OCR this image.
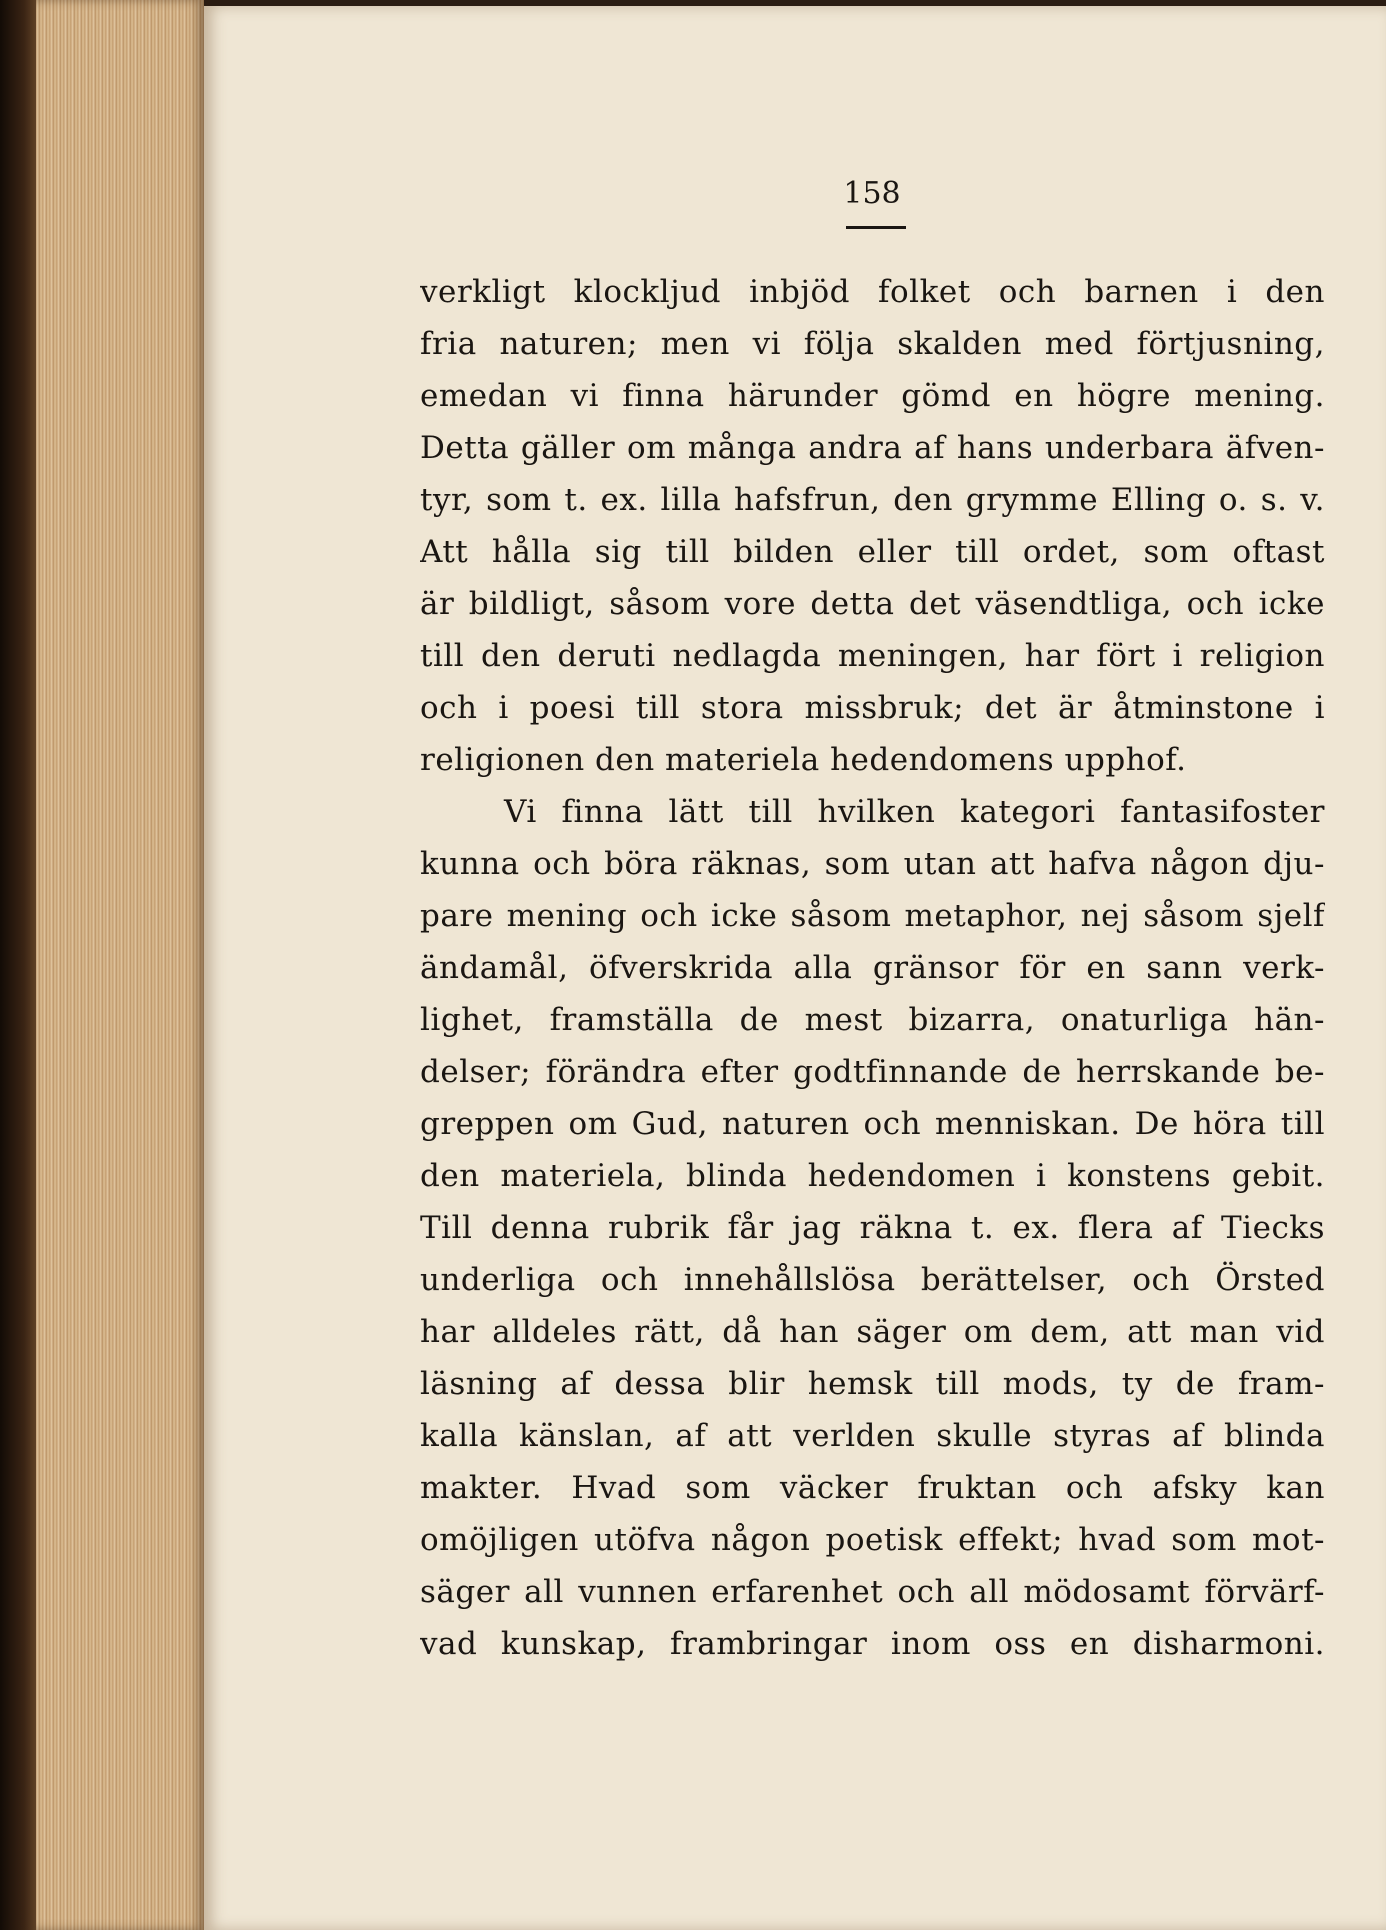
158
verkligt klockljud inbjöd folket och barnen i den
fria naturen; men vi följa skalden med förtjusning,
emedan vi finna härunder gömd en högre mening.
Detta gäller om många andra af hans underbara äfven-
tyr, som t. ex. lilla hafsfrun, den grymme Elling o. s. v.
Att hålla sig till bilden eller till ordet, som oftast
är bildligt, såsom vore detta det väsendtliga, och icke
till den deruti nedlagda meningen, har fört i religion
och i poesi till stora missbruk; det är åtminstone i
religionen den materiela hedendomens upphof.
Vi finna lätt till hvilken kategori fantasifoster
kunna och böra räknas, som utan att hafva någon dju-
pare mening och icke såsom metaphor, nej såsom sjelf
ändamål, öfverskrida alla gränsor för en sann verk-
lighet, framställa de mest bizarra, onaturliga hän-
delser; förändra efter godtfinnande de herrskande be-
greppen om Gud, naturen och menniskan. De höra till
den materiela, blinda hedendomen i konstens gebit.
Till denna rubrik får jag räkna t. ex. flera af Tiecks
underliga och innehållslösa berättelser, och Örsted
har alldeles rätt, då han säger om dem, att man vid
läsning af dessa blir hemsk till mods, ty de fram-
kalla känslan, af att verlden skulle styras af blinda
makter. Hvad som väcker fruktan och afsky kan
omöjligen utöfva någon poetisk effekt; hvad som mot-
säger all vunnen erfarenhet och all mödosamt förvärf-
vad kunskap, frambringar inom oss en disharmoni.
